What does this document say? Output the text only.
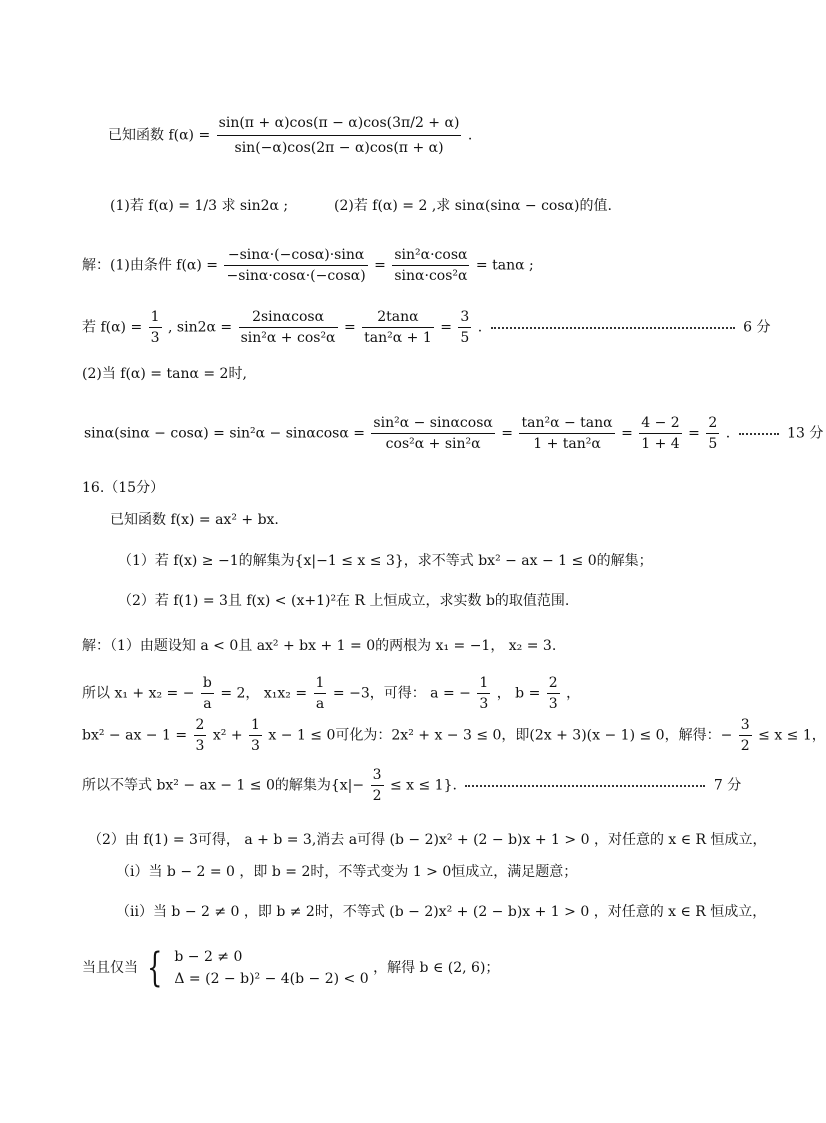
已知函数 $f(\alpha) = \frac{\sin(\pi + \alpha)\cos(\pi - \alpha)\cos(3\pi/2 + \alpha)}{\sin(-\alpha)\cos(2\pi - \alpha)\cos(\pi + \alpha)}$ .
(1)若 f(α) = 1/3 求 sin2α ;	(2)若 f(α) = 2 ,求 sinα(sinα − cosα)的值.
解：(1)由条件 $f(\alpha) = \frac{-\sin\alpha\cdot(-\cos\alpha)\cdot\sin\alpha}{-\sin\alpha\cdot\cos\alpha\cdot(-\cos\alpha)} = \frac{\text{sin²α·cosα}}{\text{sinα·cos²α}} = \tan\alpha$ ;
若 $f(\alpha) = \frac{1}{3}$ , $\sin 2\alpha = \frac{2\sin\alpha\cos\alpha}{\text{sin²α + cos²α}} = \frac{2\tan\alpha}{\text{tan²α + 1}} = \frac{3}{5}$ .	6 分
(2)当 f(α) = tanα = 2时,
$\sin\alpha(\sin\alpha - \cos\alpha) = \sin^2\alpha - \sin\alpha\cos\alpha = \frac{\text{sin²α − sinαcosα}}{\text{cos²α + sin²α}} = \frac{\text{tan²α − tanα}}{\text{1 + tan²α}} = \frac{4 - 2}{1 + 4} = \frac{2}{5}$ .	13 分
16.（15分）
已知函数 f(x) = ax² + bx.
（1）若 f(x) ≥ −1的解集为{x|−1 ≤ x ≤ 3}，求不等式 bx² − ax − 1 ≤ 0的解集；
（2）若 f(1) = 3且 f(x) < (x+1)²在 R 上恒成立，求实数 b的取值范围.
解：（1）由题设知 a < 0且 ax² + bx + 1 = 0的两根为 x₁ = −1， x₂ = 3.
所以 x₁ + x₂ = − $\frac{b}{a} = 2$， $x_1x_2 = \frac{1}{a} = -3$，可得： a = − $\frac{1}{3}$ ， $b = \frac{2}{3}$ ，
bx² − ax − $1 = \frac{2}{3} x^2 + \frac{1}{3}$ x − 1 ≤ 0可化为：2x² + x − 3 ≤ 0，即(2x + 3)(x − 1) ≤ 0，解得：− $\frac{3}{2} \le x \le 1$，
所以不等式 bx² − ax − 1 ≤ 0的解集为$\{x|- \frac{3}{2} \le x \le 1\}$.	7 分
（2）由 f(1) = 3可得， a + b = 3,消去 a可得 (b − 2)x² + (2 − b)x + 1 > 0 ，对任意的 x ∈ R 恒成立，
（i）当 b − 2 = 0 ，即 b = 2时，不等式变为 1 > 0恒成立，满足题意；
（ii）当 b − 2 ≠ 0 ，即 b ≠ 2时，不等式 (b − 2)x² + (2 − b)x + 1 > 0 ，对任意的 x ∈ R 恒成立，
当且仅当 { b − 2 ≠ 0
Δ = (2 − b)² − 4(b − 2) < 0
，解得 b ∈ (2, 6)；
